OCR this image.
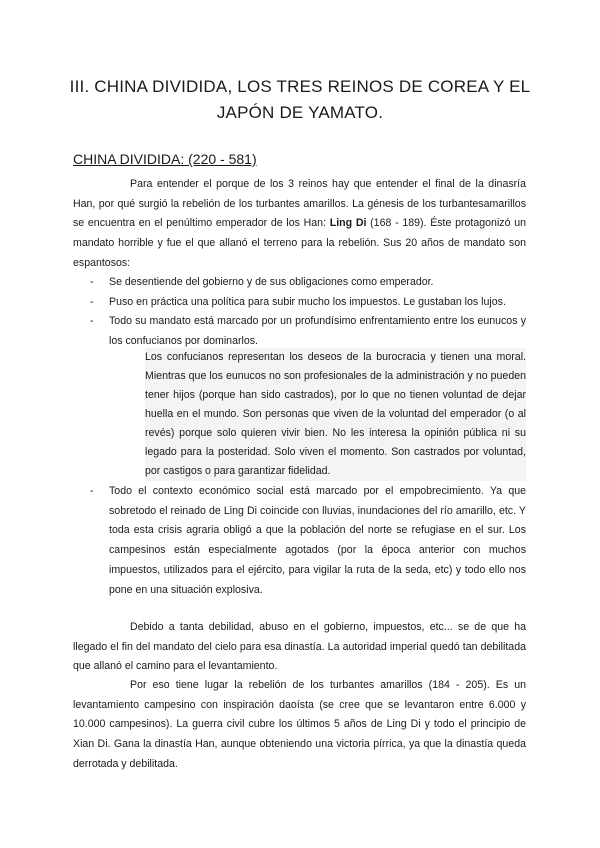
III. CHINA DIVIDIDA, LOS TRES REINOS DE COREA Y EL
JAPÓN DE YAMATO.
CHINA DIVIDIDA: (220 - 581)

Para entender el porque de los 3 reinos hay que entender el final de la dinasría Han, por qué surgió la rebelión de los turbantes amarillos. La génesis de los turbantesamarillos se encuentra en el penúltimo emperador de los Han: Ling Di (168 - 189). Éste protagonizó un mandato horrible y fue el que allanó el terreno para la rebelión. Sus 20 años de mandato son espantosos:

- Se desentiende del gobierno y de sus obligaciones como emperador.
- Puso en práctica una política para subir mucho los impuestos. Le gustaban los lujos.
- Todo su mandato está marcado por un profundísimo enfrentamiento entre los eunucos y los confucianos por dominarlos.

Los confucianos representan los deseos de la burocracia y tienen una moral. Mientras que los eunucos no son profesionales de la administración y no pueden tener hijos (porque han sido castrados), por lo que no tienen voluntad de dejar huella en el mundo. Son personas que viven de la voluntad del emperador (o al revés) porque solo quieren vivir bien. No les interesa la opinión pública ni su legado para la posteridad. Solo viven el momento. Son castrados por voluntad, por castigos o para garantizar fidelidad.

- Todo el contexto económico social está marcado por el empobrecimiento. Ya que sobretodo el reinado de Ling Di coincide con lluvias, inundaciones del río amarillo, etc. Y toda esta crisis agraria obligó a que la población del norte se refugiase en el sur. Los campesinos están especialmente agotados (por la época anterior con muchos impuestos, utilizados para el ejército, para vigilar la ruta de la seda, etc) y todo ello nos pone en una situación explosiva.

Debido a tanta debilidad, abuso en el gobierno, impuestos, etc... se de que ha llegado el fin del mandato del cielo para esa dinastía. La autoridad imperial quedó tan debilitada que allanó el camino para el levantamiento.

Por eso tiene lugar la rebelión de los turbantes amarillos (184 - 205). Es un levantamiento campesino con inspiración daoísta (se cree que se levantaron entre 6.000 y 10.000 campesinos). La guerra civil cubre los últimos 5 años de Ling Di y todo el principio de Xian Di. Gana la dinastía Han, aunque obteniendo una victoria pírrica, ya que la dinastía queda derrotada y debilitada.
